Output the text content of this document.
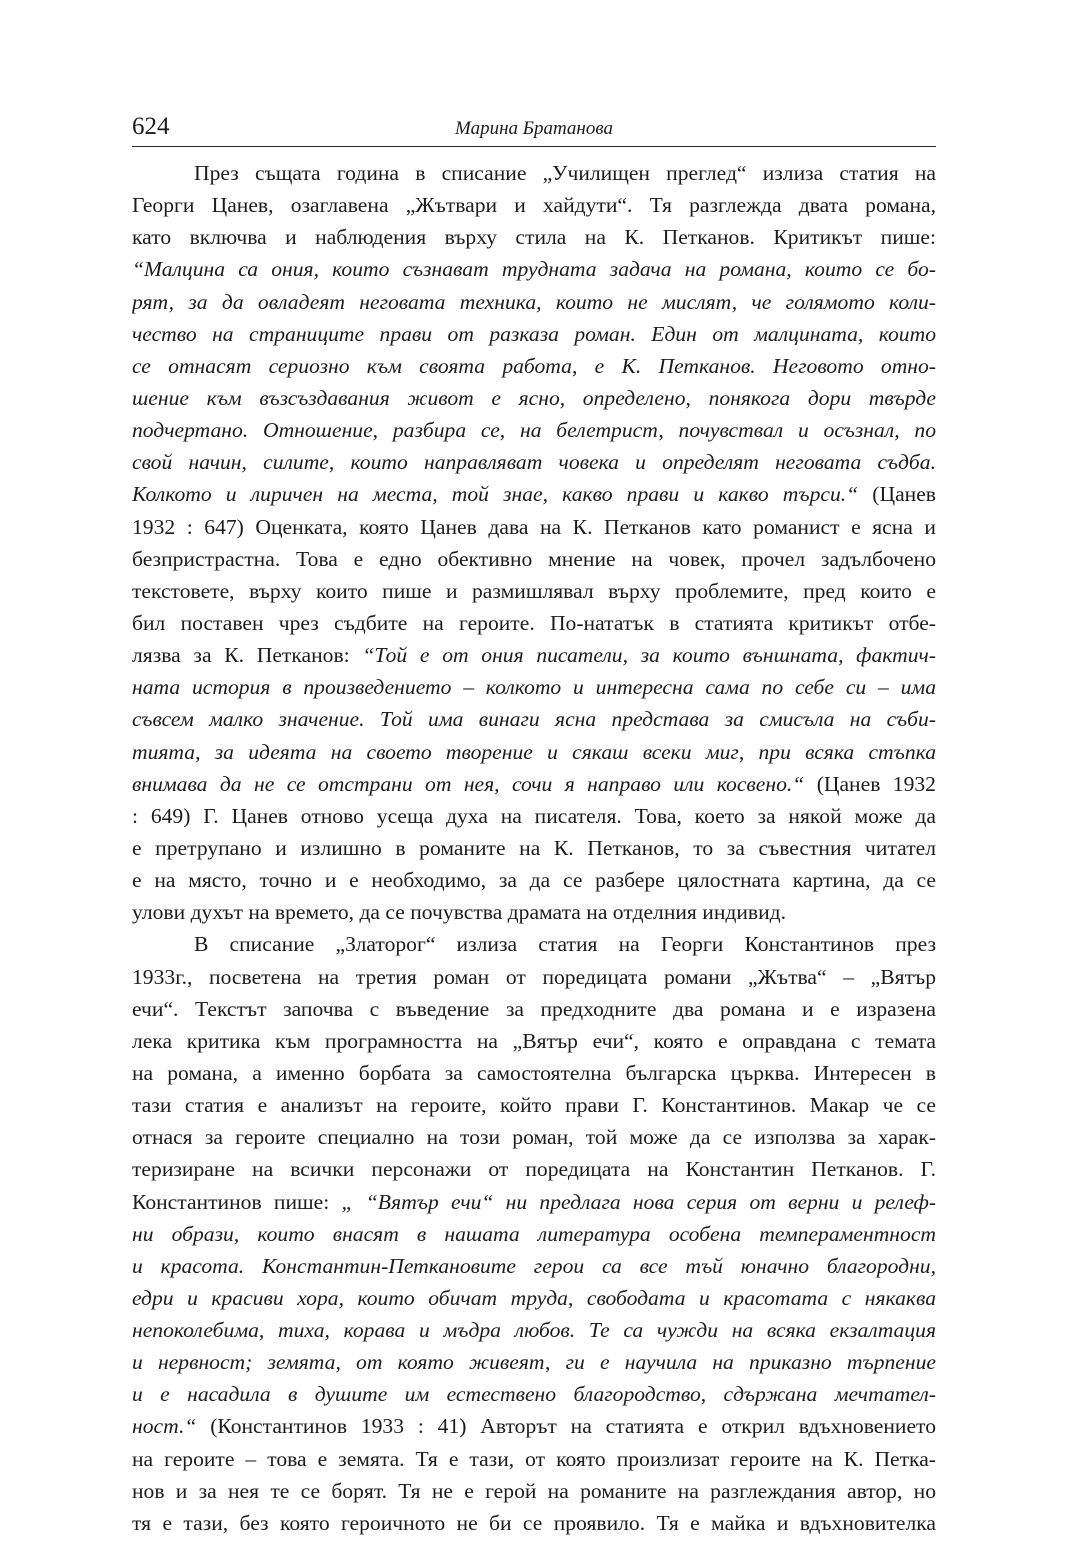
624	Марина Братанова
През същата година в списание „Училищен преглед“ излиза статия на
Георги Цанев, озаглавена „Жътвари и хайдути“. Тя разглежда двата романа,
като включва и наблюдения върху стила на К. Петканов. Критикът пише:
“Малцина са ония, които съзнават трудната задача на романа, които се бо-
рят, за да овладеят неговата техника, които не мислят, че голямото коли-
чество на страниците прави от разказа роман. Един от малцината, които
се отнасят сериозно към своята работа, е К. Петканов. Неговото отно-
шение към възсъздавания живот е ясно, определено, понякога дори твърде
подчертано. Отношение, разбира се, на белетрист, почувствал и осъзнал, по
свой начин, силите, които направляват човека и определят неговата съдба.
Колкото и лиричен на места, той знае, какво прави и какво търси.“ (Цанев
1932 : 647) Оценката, която Цанев дава на К. Петканов като романист е ясна и
безпристрастна. Това е едно обективно мнение на човек, прочел задълбочено
текстовете, върху които пише и размишлявал върху проблемите, пред които е
бил поставен чрез съдбите на героите. По-нататък в статията критикът отбе-
лязва за К. Петканов: “Той е от ония писатели, за които външната, фактич-
ната история в произведението – колкото и интересна сама по себе си – има
съвсем малко значение. Той има винаги ясна представа за смисъла на съби-
тията, за идеята на своето творение и сякаш всеки миг, при всяка стъпка
внимава да не се отстрани от нея, сочи я направо или косвено.“ (Цанев 1932
: 649) Г. Цанев отново усеща духа на писателя. Това, което за някой може да
е претрупано и излишно в романите на К. Петканов, то за съвестния читател
е на място, точно и е необходимо, за да се разбере цялостната картина, да се
улови духът на времето, да се почувства драмата на отделния индивид.
В списание „Златорог“ излиза статия на Георги Константинов през
1933г., посветена на третия роман от поредицата романи „Жътва“ – „Вятър
ечи“. Текстът започва с въведение за предходните два романа и е изразена
лека критика към програмността на „Вятър ечи“, която е оправдана с темата
на романа, а именно борбата за самостоятелна българска църква. Интересен в
тази статия е анализът на героите, който прави Г. Константинов. Макар че се
отнася за героите специално на този роман, той може да се използва за харак-
теризиране на всички персонажи от поредицата на Константин Петканов. Г.
Константинов пише: „ “Вятър ечи“ ни предлага нова серия от верни и релеф-
ни образи, които внасят в нашата литература особена темпераментност
и красота. Константин-Петкановите герои са все тъй юначно благородни,
едри и красиви хора, които обичат труда, свободата и красотата с някаква
непоколебима, тиха, корава и мъдра любов. Те са чужди на всяка екзалтация
и нервност; земята, от която живеят, ги е научила на приказно търпение
и е насадила в душите им естествено благородство, сдържана мечтател-
ност.“ (Константинов 1933 : 41) Авторът на статията е открил вдъхновението
на героите – това е земята. Тя е тази, от която произлизат героите на К. Петка-
нов и за нея те се борят. Тя не е герой на романите на разглеждания автор, но
тя е тази, без която героичното не би се проявило. Тя е майка и вдъхновителка
